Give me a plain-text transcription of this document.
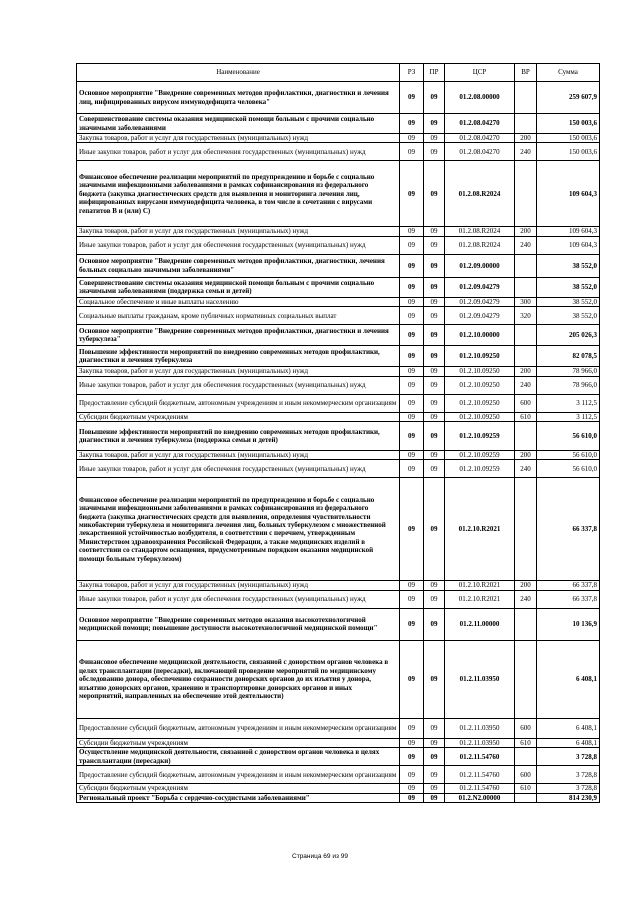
Наименование	РЗ	ПР	ЦСР	ВР	Сумма
Основное мероприятие "Внедрение современных методов профилактики, диагностики и лечения лиц, инфицированных вирусом иммунодефицита человека"	09	09	01.2.08.00000		259 607,9
Совершенствование системы оказания медицинской помощи больным с прочими социально значимыми заболеваниями	09	09	01.2.08.04270		150 003,6
Закупка товаров, работ и услуг для государственных (муниципальных) нужд	09	09	01.2.08.04270	200	150 003,6
Иные закупки товаров, работ и услуг для обеспечения государственных (муниципальных) нужд	09	09	01.2.08.04270	240	150 003,6
Финансовое обеспечение реализации мероприятий по предупреждению и борьбе с социально значимыми инфекционными заболеваниями в рамках софинансирования из федерального бюджета (закупка диагностических средств для выявления и мониторинга лечения лиц, инфицированных вирусами иммунодефицита человека, в том числе в сочетании с вирусами гепатитов B и (или) C)	09	09	01.2.08.R2024		109 604,3
Закупка товаров, работ и услуг для государственных (муниципальных) нужд	09	09	01.2.08.R2024	200	109 604,3
Иные закупки товаров, работ и услуг для обеспечения государственных (муниципальных) нужд	09	09	01.2.08.R2024	240	109 604,3
Основное мероприятие "Внедрение современных методов профилактики, диагностики, лечения больных социально значимыми заболеваниями"	09	09	01.2.09.00000		38 552,0
Совершенствование системы оказания медицинской помощи больным с прочими социально значимыми заболеваниями (поддержка семьи и детей)	09	09	01.2.09.04279		38 552,0
Социальное обеспечение и иные выплаты населению	09	09	01.2.09.04279	300	38 552,0
Социальные выплаты гражданам, кроме публичных нормативных социальных выплат	09	09	01.2.09.04279	320	38 552,0
Основное мероприятие "Внедрение современных методов профилактики, диагностики и лечения туберкулеза"	09	09	01.2.10.00000		205 026,3
Повышение эффективности мероприятий по внедрению современных методов профилактики, диагностики и лечения туберкулеза	09	09	01.2.10.09250		82 078,5
Закупка товаров, работ и услуг для государственных (муниципальных) нужд	09	09	01.2.10.09250	200	78 966,0
Иные закупки товаров, работ и услуг для обеспечения государственных (муниципальных) нужд	09	09	01.2.10.09250	240	78 966,0
Предоставление субсидий бюджетным, автономным учреждениям и иным некоммерческим организациям	09	09	01.2.10.09250	600	3 112,5
Субсидии бюджетным учреждениям	09	09	01.2.10.09250	610	3 112,5
Повышение эффективности мероприятий по внедрению современных методов профилактики, диагностики и лечения туберкулеза (поддержка семьи и детей)	09	09	01.2.10.09259		56 610,0
Закупка товаров, работ и услуг для государственных (муниципальных) нужд	09	09	01.2.10.09259	200	56 610,0
Иные закупки товаров, работ и услуг для обеспечения государственных (муниципальных) нужд	09	09	01.2.10.09259	240	56 610,0
Финансовое обеспечение реализации мероприятий по предупреждению и борьбе с социально значимыми инфекционными заболеваниями в рамках софинансирования из федерального бюджета (закупка диагностических средств для выявления, определения чувствительности микобактерии туберкулеза и мониторинга лечения лиц, больных туберкулезом с множественной лекарственной устойчивостью возбудителя, в соответствии с перечнем, утвержденным Министерством здравоохранения Российской Федерации, а также медицинских изделий в соответствии со стандартом оснащения, предусмотренным порядком оказания медицинской помощи больным туберкулезом)	09	09	01.2.10.R2021		66 337,8
Закупка товаров, работ и услуг для государственных (муниципальных) нужд	09	09	01.2.10.R2021	200	66 337,8
Иные закупки товаров, работ и услуг для обеспечения государственных (муниципальных) нужд	09	09	01.2.10.R2021	240	66 337,8
Основное мероприятие "Внедрение современных методов оказания высокотехнологичной медицинской помощи; повышение доступности высокотехнологичной медицинской помощи"	09	09	01.2.11.00000		10 136,9
Финансовое обеспечение медицинской деятельности, связанной с донорством органов человека в целях трансплантации (пересадки), включающей проведение мероприятий по медицинскому обследованию донора, обеспечению сохранности донорских органов до их изъятия у донора, изъятию донорских органов, хранению и транспортировке донорских органов и иных мероприятий, направленных на обеспечение этой деятельности)	09	09	01.2.11.03950		6 408,1
Предоставление субсидий бюджетным, автономным учреждениям и иным некоммерческим организациям	09	09	01.2.11.03950	600	6 408,1
Субсидии бюджетным учреждениям	09	09	01.2.11.03950	610	6 408,1
Осуществление медицинской деятельности, связанной с донорством органов человека в целях трансплантации (пересадки)	09	09	01.2.11.54760		3 728,8
Предоставление субсидий бюджетным, автономным учреждениям и иным некоммерческим организациям	09	09	01.2.11.54760	600	3 728,8
Субсидии бюджетным учреждениям	09	09	01.2.11.54760	610	3 728,8
Региональный проект "Борьба с сердечно-сосудистыми заболеваниями"	09	09	01.2.N2.00000		814 230,9
Страница 69 из 99
